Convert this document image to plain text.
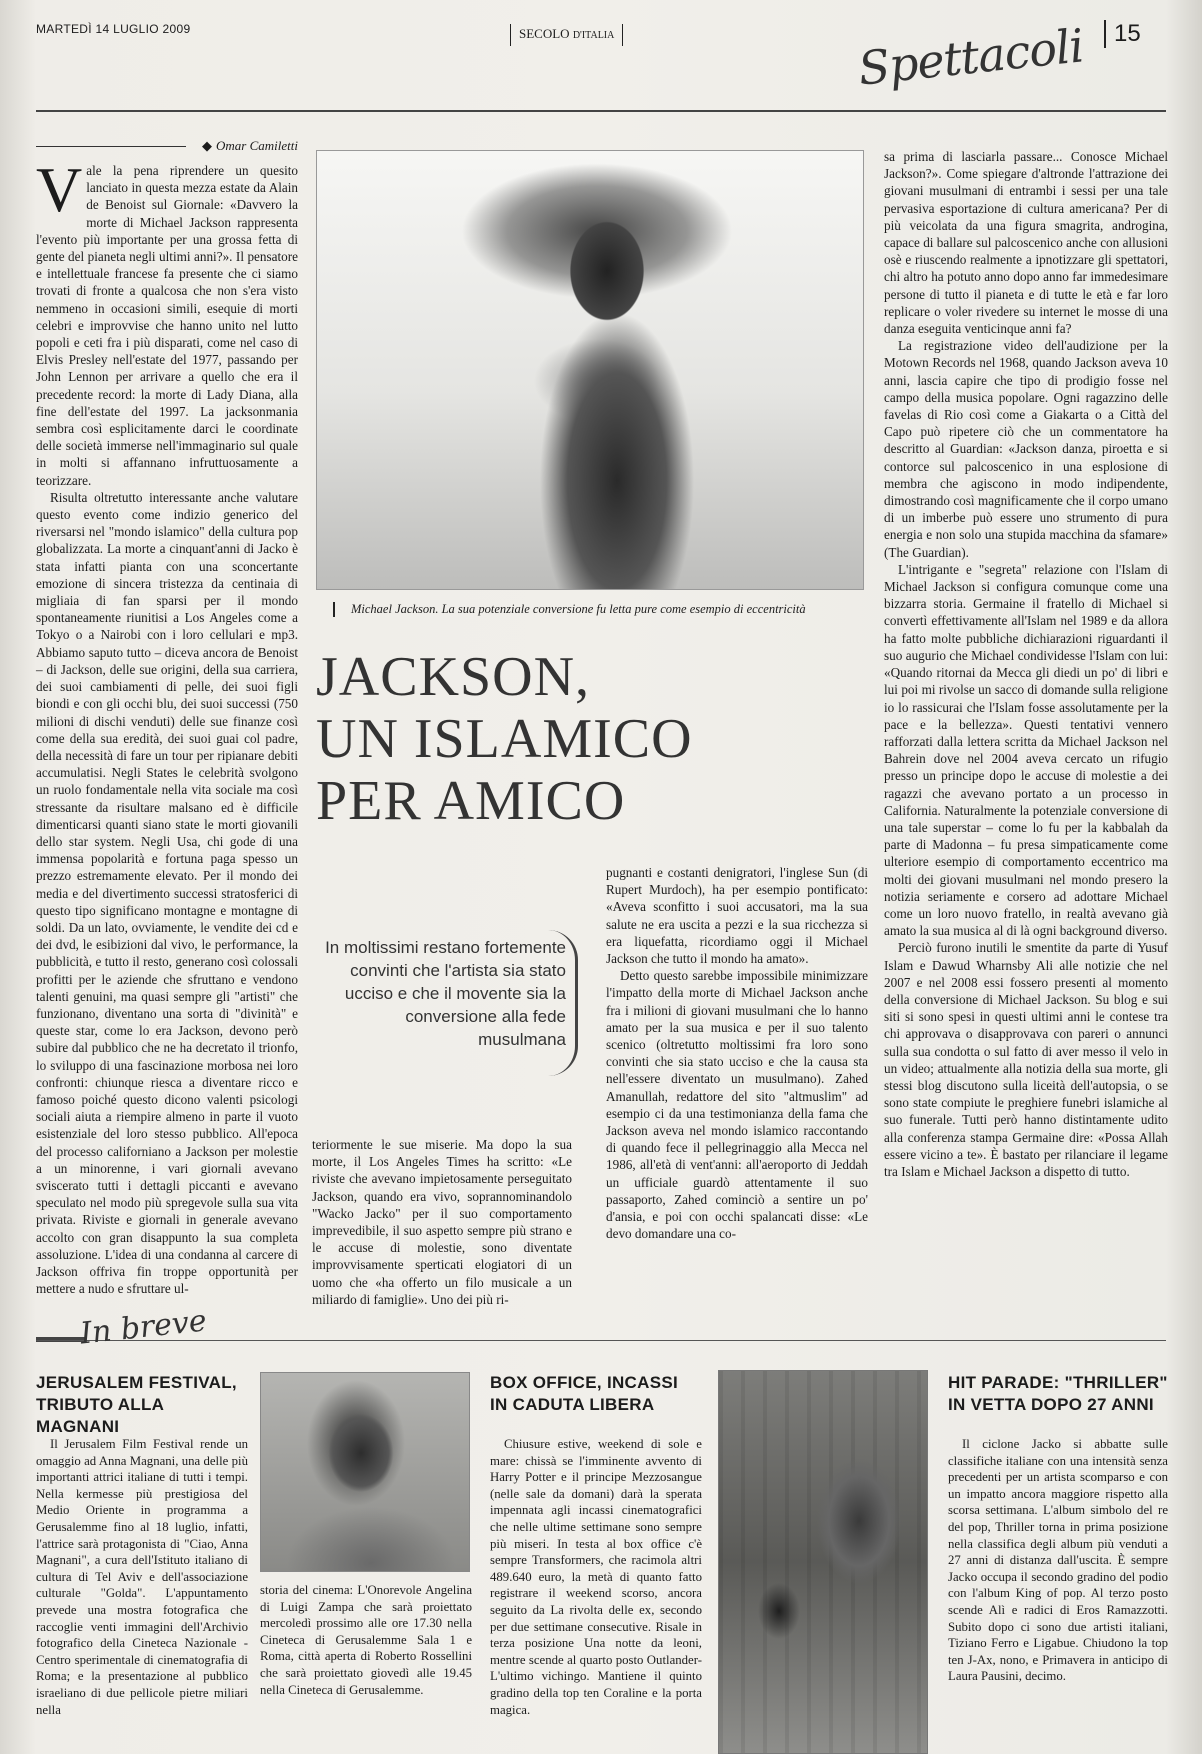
MARTEDÌ 14 LUGLIO 2009	SECOLO D'ITALIA	Spettacoli	15
◆ Omar Camiletti

Vale la pena riprendere un quesito lanciato in questa mezza estate da Alain de Benoist sul Giornale: «Davvero la morte di Michael Jackson rappresenta l'evento più importante per una grossa fetta di gente del pianeta negli ultimi anni?». Il pensatore e intellettuale francese fa presente che ci siamo trovati di fronte a qualcosa che non s'era visto nemmeno in occasioni simili, esequie di morti celebri e improvvise che hanno unito nel lutto popoli e ceti fra i più disparati, come nel caso di Elvis Presley nell'estate del 1977, passando per John Lennon per arrivare a quello che era il precedente record: la morte di Lady Diana, alla fine dell'estate del 1997. La jacksonmania sembra così esplicitamente darci le coordinate delle società immerse nell'immaginario sul quale in molti si affannano infruttuosamente a teorizzare.

Risulta oltretutto interessante anche valutare questo evento come indizio generico del riversarsi nel "mondo islamico" della cultura pop globalizzata. La morte a cinquant'anni di Jacko è stata infatti pianta con una sconcertante emozione di sincera tristezza da centinaia di migliaia di fan sparsi per il mondo spontaneamente riunitisi a Los Angeles come a Tokyo o a Nairobi con i loro cellulari e mp3. Abbiamo saputo tutto – diceva ancora de Benoist – di Jackson, delle sue origini, della sua carriera, dei suoi cambiamenti di pelle, dei suoi figli biondi e con gli occhi blu, dei suoi successi (750 milioni di dischi venduti) delle sue finanze così come della sua eredità, dei suoi guai col padre, della necessità di fare un tour per ripianare debiti accumulatisi. Negli States le celebrità svolgono un ruolo fondamentale nella vita sociale ma così stressante da risultare malsano ed è difficile dimenticarsi quanti siano state le morti giovanili dello star system. Negli Usa, chi gode di una immensa popolarità e fortuna paga spesso un prezzo estremamente elevato. Per il mondo dei media e del divertimento successi stratosferici di questo tipo significano montagne e montagne di soldi. Da un lato, ovviamente, le vendite dei cd e dei dvd, le esibizioni dal vivo, le performance, la pubblicità, e tutto il resto, generano così colossali profitti per le aziende che sfruttano e vendono talenti genuini, ma quasi sempre gli "artisti" che funzionano, diventano una sorta di "divinità" e queste star, come lo era Jackson, devono però subire dal pubblico che ne ha decretato il trionfo, lo sviluppo di una fascinazione morbosa nei loro confronti: chiunque riesca a diventare ricco e famoso poiché questo dicono valenti psicologi sociali aiuta a riempire almeno in parte il vuoto esistenziale del loro stesso pubblico. All'epoca del processo californiano a Jackson per molestie a un minorenne, i vari giornali avevano sviscerato tutti i dettagli piccanti e avevano speculato nel modo più spregevole sulla sua vita privata. Riviste e giornali in generale avevano accolto con gran disappunto la sua completa assoluzione. L'idea di una condanna al carcere di Jackson offriva fin troppe opportunità per mettere a nudo e sfruttare ul-

Michael Jackson. La sua potenziale conversione fu letta pure come esempio di eccentricità
JACKSON,
UN ISLAMICO
PER AMICO
In moltissimi restano fortemente convinti che l'artista sia stato ucciso e che il movente sia la conversione alla fede musulmana

teriormente le sue miserie. Ma dopo la sua morte, il Los Angeles Times ha scritto: «Le riviste che avevano impietosamente perseguitato Jackson, quando era vivo, soprannominandolo "Wacko Jacko" per il suo comportamento imprevedibile, il suo aspetto sempre più strano e le accuse di molestie, sono diventate improvvisamente sperticati elogiatori di un uomo che «ha offerto un filo musicale a un miliardo di famiglie». Uno dei più ri-

pugnanti e costanti denigratori, l'inglese Sun (di Rupert Murdoch), ha per esempio pontificato: «Aveva sconfitto i suoi accusatori, ma la sua salute ne era uscita a pezzi e la sua ricchezza si era liquefatta, ricordiamo oggi il Michael Jackson che tutto il mondo ha amato».

Detto questo sarebbe impossibile minimizzare l'impatto della morte di Michael Jackson anche fra i milioni di giovani musulmani che lo hanno amato per la sua musica e per il suo talento scenico (oltretutto moltissimi fra loro sono convinti che sia stato ucciso e che la causa sta nell'essere diventato un musulmano). Zahed Amanullah, redattore del sito "altmuslim" ad esempio ci da una testimonianza della fama che Jackson aveva nel mondo islamico raccontando di quando fece il pellegrinaggio alla Mecca nel 1986, all'età di vent'anni: all'aeroporto di Jeddah un ufficiale guardò attentamente il suo passaporto, Zahed cominciò a sentire un po' d'ansia, e poi con occhi spalancati disse: «Le devo domandare una co-

sa prima di lasciarla passare... Conosce Michael Jackson?». Come spiegare d'altronde l'attrazione dei giovani musulmani di entrambi i sessi per una tale pervasiva esportazione di cultura americana? Per di più veicolata da una figura smagrita, androgina, capace di ballare sul palcoscenico anche con allusioni osè e riuscendo realmente a ipnotizzare gli spettatori, chi altro ha potuto anno dopo anno far immedesimare persone di tutto il pianeta e di tutte le età e far loro replicare o voler rivedere su internet le mosse di una danza eseguita venticinque anni fa?

La registrazione video dell'audizione per la Motown Records nel 1968, quando Jackson aveva 10 anni, lascia capire che tipo di prodigio fosse nel campo della musica popolare. Ogni ragazzino delle favelas di Rio così come a Giakarta o a Città del Capo può ripetere ciò che un commentatore ha descritto al Guardian: «Jackson danza, piroetta e si contorce sul palcoscenico in una esplosione di membra che agiscono in modo indipendente, dimostrando così magnificamente che il corpo umano di un imberbe può essere uno strumento di pura energia e non solo una stupida macchina da sfamare» (The Guardian).

L'intrigante e "segreta" relazione con l'Islam di Michael Jackson si configura comunque come una bizzarra storia. Germaine il fratello di Michael si convertì effettivamente all'Islam nel 1989 e da allora ha fatto molte pubbliche dichiarazioni riguardanti il suo augurio che Michael condividesse l'Islam con lui: «Quando ritornai da Mecca gli diedi un po' di libri e lui poi mi rivolse un sacco di domande sulla religione io lo rassicurai che l'Islam fosse assolutamente per la pace e la bellezza». Questi tentativi vennero rafforzati dalla lettera scritta da Michael Jackson nel Bahrein dove nel 2004 aveva cercato un rifugio presso un principe dopo le accuse di molestie a dei ragazzi che avevano portato a un processo in California. Naturalmente la potenziale conversione di una tale superstar – come lo fu per la kabbalah da parte di Madonna – fu presa simpaticamente come ulteriore esempio di comportamento eccentrico ma molti dei giovani musulmani nel mondo presero la notizia seriamente e corsero ad adottare Michael come un loro nuovo fratello, in realtà avevano già amato la sua musica al di là ogni background diverso.

Perciò furono inutili le smentite da parte di Yusuf Islam e Dawud Wharnsby Ali alle notizie che nel 2007 e nel 2008 essi fossero presenti al momento della conversione di Michael Jackson. Su blog e sui siti si sono spesi in questi ultimi anni le contese tra chi approvava o disapprovava con pareri o annunci sulla sua condotta o sul fatto di aver messo il velo in un video; attualmente alla notizia della sua morte, gli stessi blog discutono sulla liceità dell'autopsia, o se sono state compiute le preghiere funebri islamiche al suo funerale. Tutti però hanno distintamente udito alla conferenza stampa Germaine dire: «Possa Allah essere vicino a te». È bastato per rilanciare il legame tra Islam e Michael Jackson a dispetto di tutto.

In breve
JERUSALEM FESTIVAL,
TRIBUTO ALLA MAGNANI

Il Jerusalem Film Festival rende un omaggio ad Anna Magnani, una delle più importanti attrici italiane di tutti i tempi. Nella kermesse più prestigiosa del Medio Oriente in programma a Gerusalemme fino al 18 luglio, infatti, l'attrice sarà protagonista di "Ciao, Anna Magnani", a cura dell'Istituto italiano di cultura di Tel Aviv e dell'associazione culturale "Golda". L'appuntamento prevede una mostra fotografica che raccoglie venti immagini dell'Archivio fotografico della Cineteca Nazionale - Centro sperimentale di cinematografia di Roma; e la presentazione al pubblico israeliano di due pellicole pietre miliari nella

storia del cinema: L'Onorevole Angelina di Luigi Zampa che sarà proiettato mercoledì prossimo alle ore 17.30 nella Cineteca di Gerusalemme Sala 1 e Roma, città aperta di Roberto Rossellini che sarà proiettato giovedì alle 19.45 nella Cineteca di Gerusalemme.

BOX OFFICE, INCASSI
IN CADUTA LIBERA

Chiusure estive, weekend di sole e mare: chissà se l'imminente avvento di Harry Potter e il principe Mezzosangue (nelle sale da domani) darà la sperata impennata agli incassi cinematografici che nelle ultime settimane sono sempre più miseri. In testa al box office c'è sempre Transformers, che racimola altri 489.640 euro, la metà di quanto fatto registrare il weekend scorso, ancora seguito da La rivolta delle ex, secondo per due settimane consecutive. Risale in terza posizione Una notte da leoni, mentre scende al quarto posto Outlander-L'ultimo vichingo. Mantiene il quinto gradino della top ten Coraline e la porta magica.

HIT PARADE: "THRILLER"
IN VETTA DOPO 27 ANNI

Il ciclone Jacko si abbatte sulle classifiche italiane con una intensità senza precedenti per un artista scomparso e con un impatto ancora maggiore rispetto alla scorsa settimana. L'album simbolo del re del pop, Thriller torna in prima posizione nella classifica degli album più venduti a 27 anni di distanza dall'uscita. È sempre Jacko occupa il secondo gradino del podio con l'album King of pop. Al terzo posto scende Alì e radici di Eros Ramazzotti. Subito dopo ci sono due artisti italiani, Tiziano Ferro e Ligabue. Chiudono la top ten J-Ax, nono, e Primavera in anticipo di Laura Pausini, decimo.
